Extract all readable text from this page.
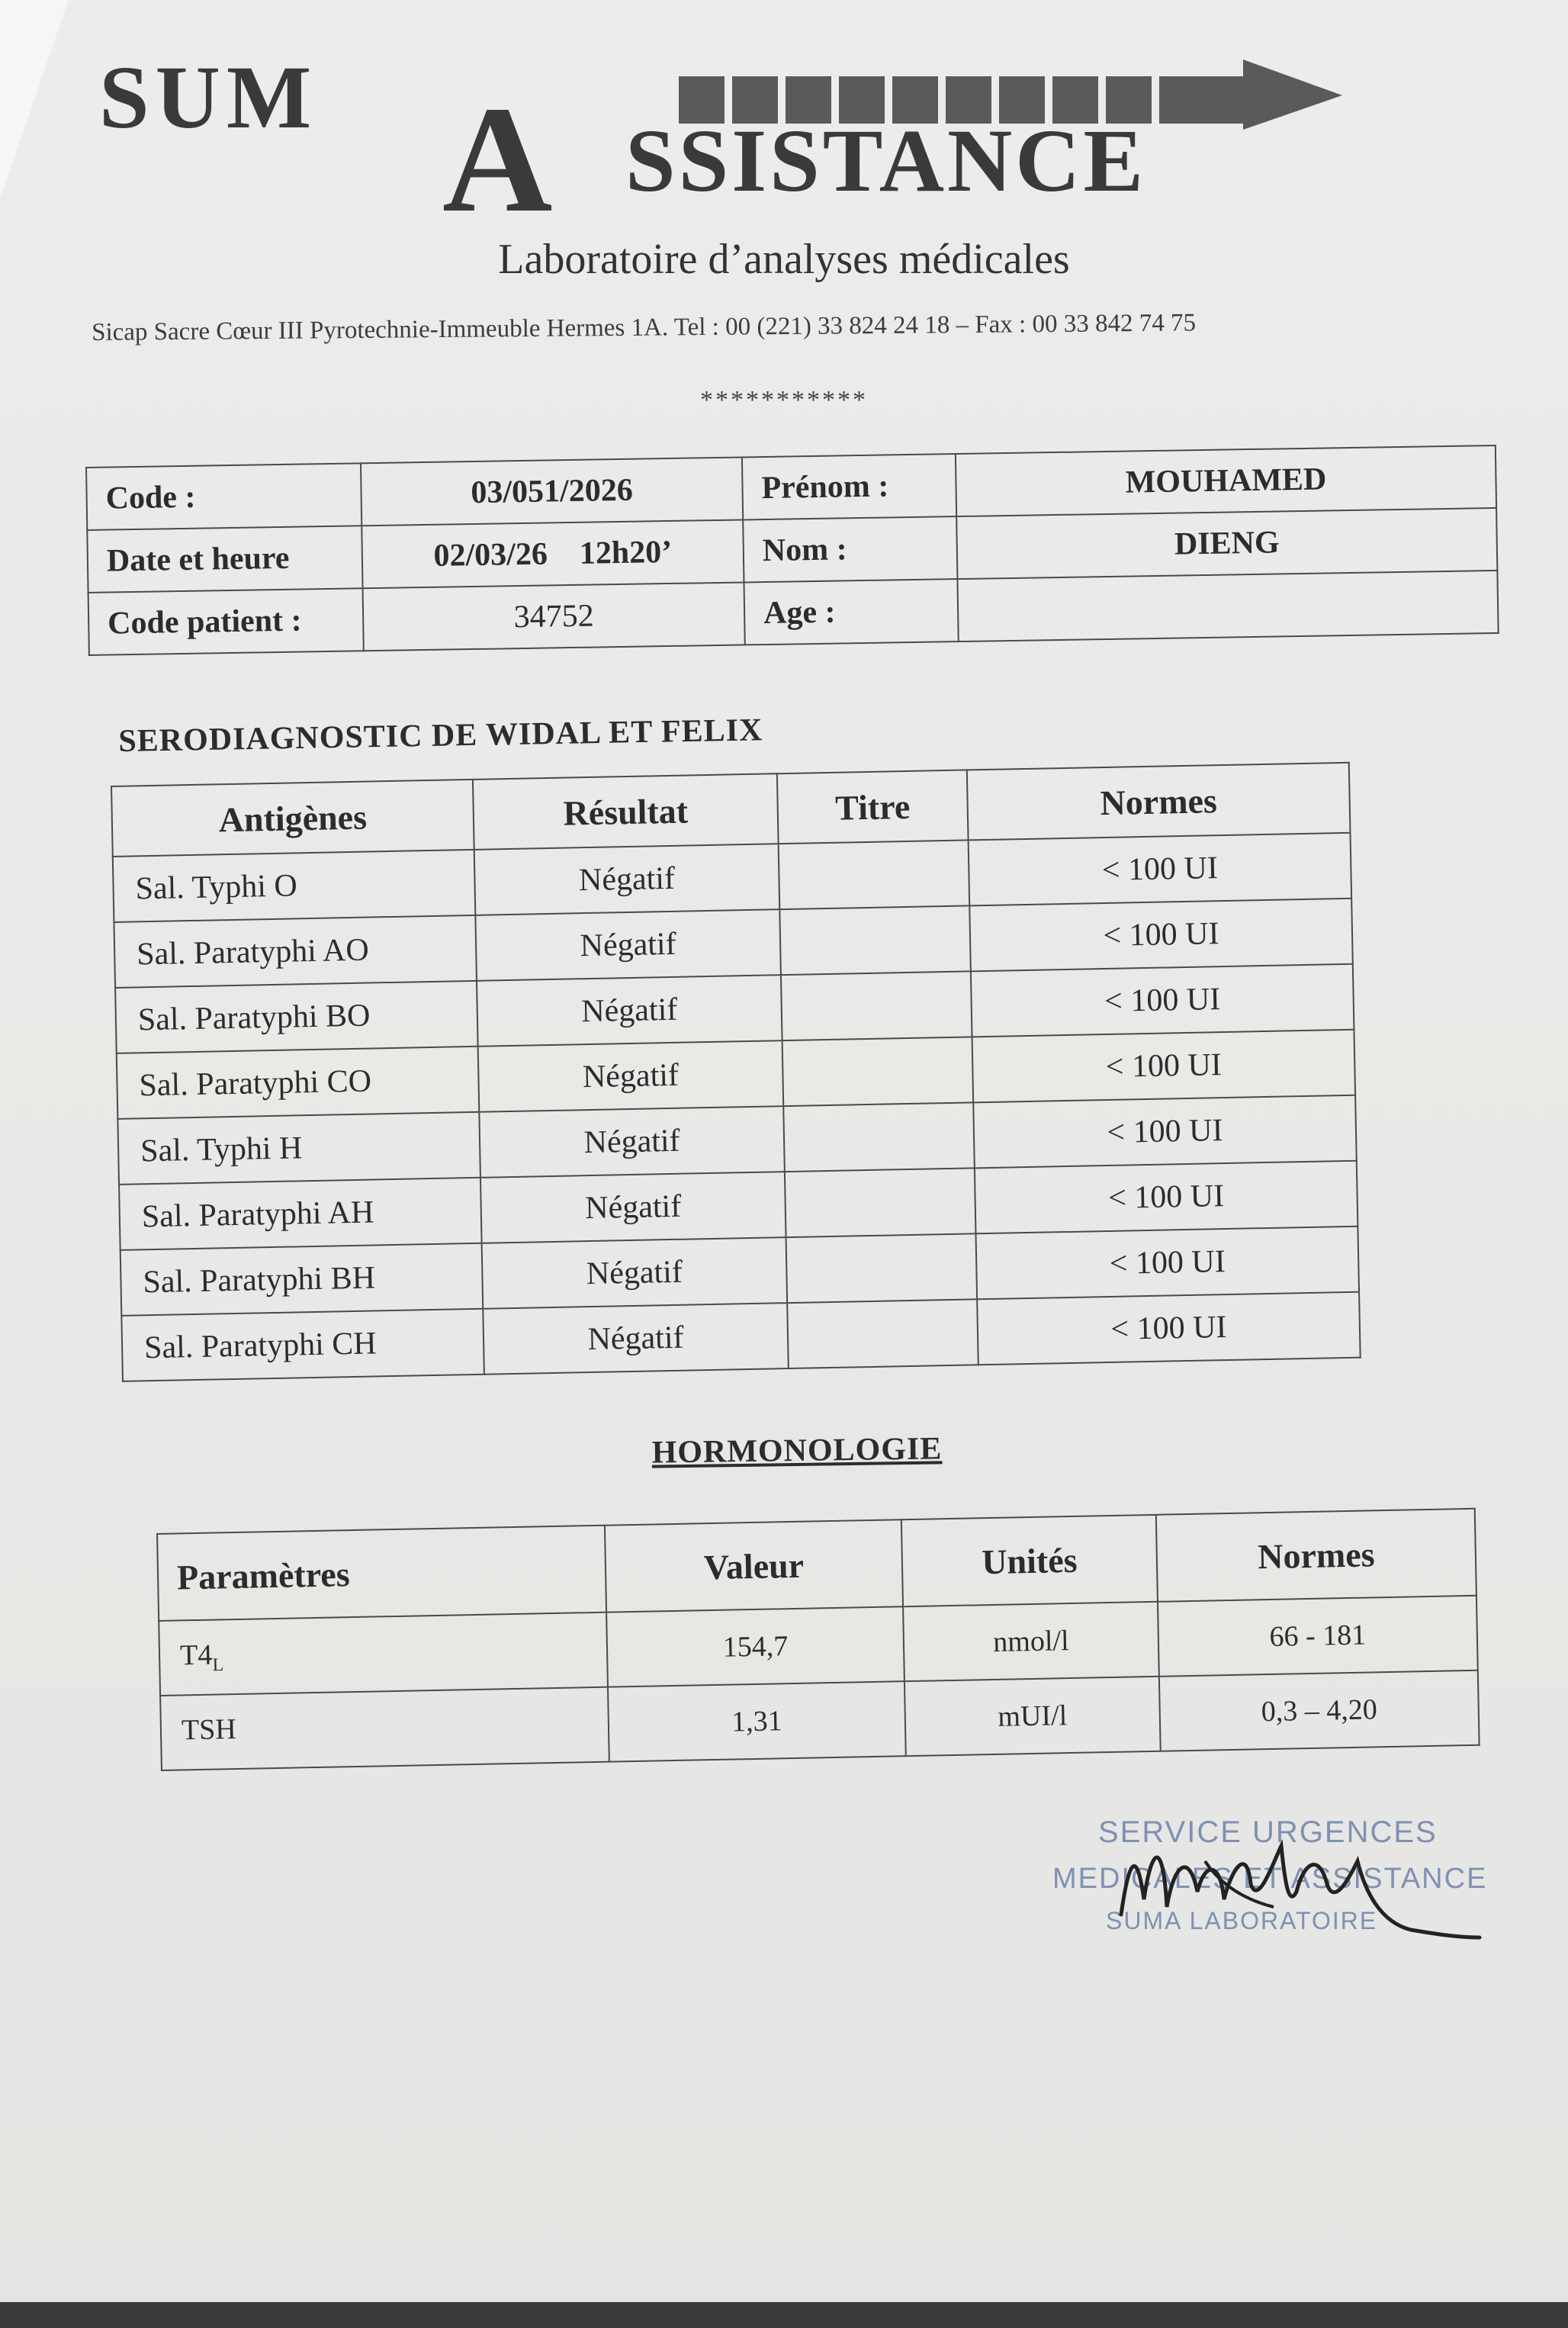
SUM A SSISTANCE
Laboratoire d’analyses médicales
Sicap Sacre Cœur III Pyrotechnie-Immeuble Hermes 1A. Tel : 00 (221) 33 824 24 18 – Fax : 00 33 842 74 75
***********
Code :	03/051/2026	Prénom :	MOUHAMED
Date et heure	02/03/26    12h20’	Nom :	DIENG
Code patient :	34752	Age :	
SERODIAGNOSTIC DE WIDAL ET FELIX
Antigènes	Résultat	Titre	Normes
Sal. Typhi O	Négatif		< 100 UI
Sal. Paratyphi AO	Négatif		< 100 UI
Sal. Paratyphi BO	Négatif		< 100 UI
Sal. Paratyphi CO	Négatif		< 100 UI
Sal. Typhi H	Négatif		< 100 UI
Sal. Paratyphi AH	Négatif		< 100 UI
Sal. Paratyphi BH	Négatif		< 100 UI
Sal. Paratyphi CH	Négatif		< 100 UI
HORMONOLOGIE
Paramètres	Valeur	Unités	Normes
$T4_L$	154,7	nmol/l	66 - 181
TSH	1,31	mUI/l	0,3 – 4,20
SERVICE URGENCES
MEDICALES ET ASSISTANCE
SUMA LABORATOIRE
